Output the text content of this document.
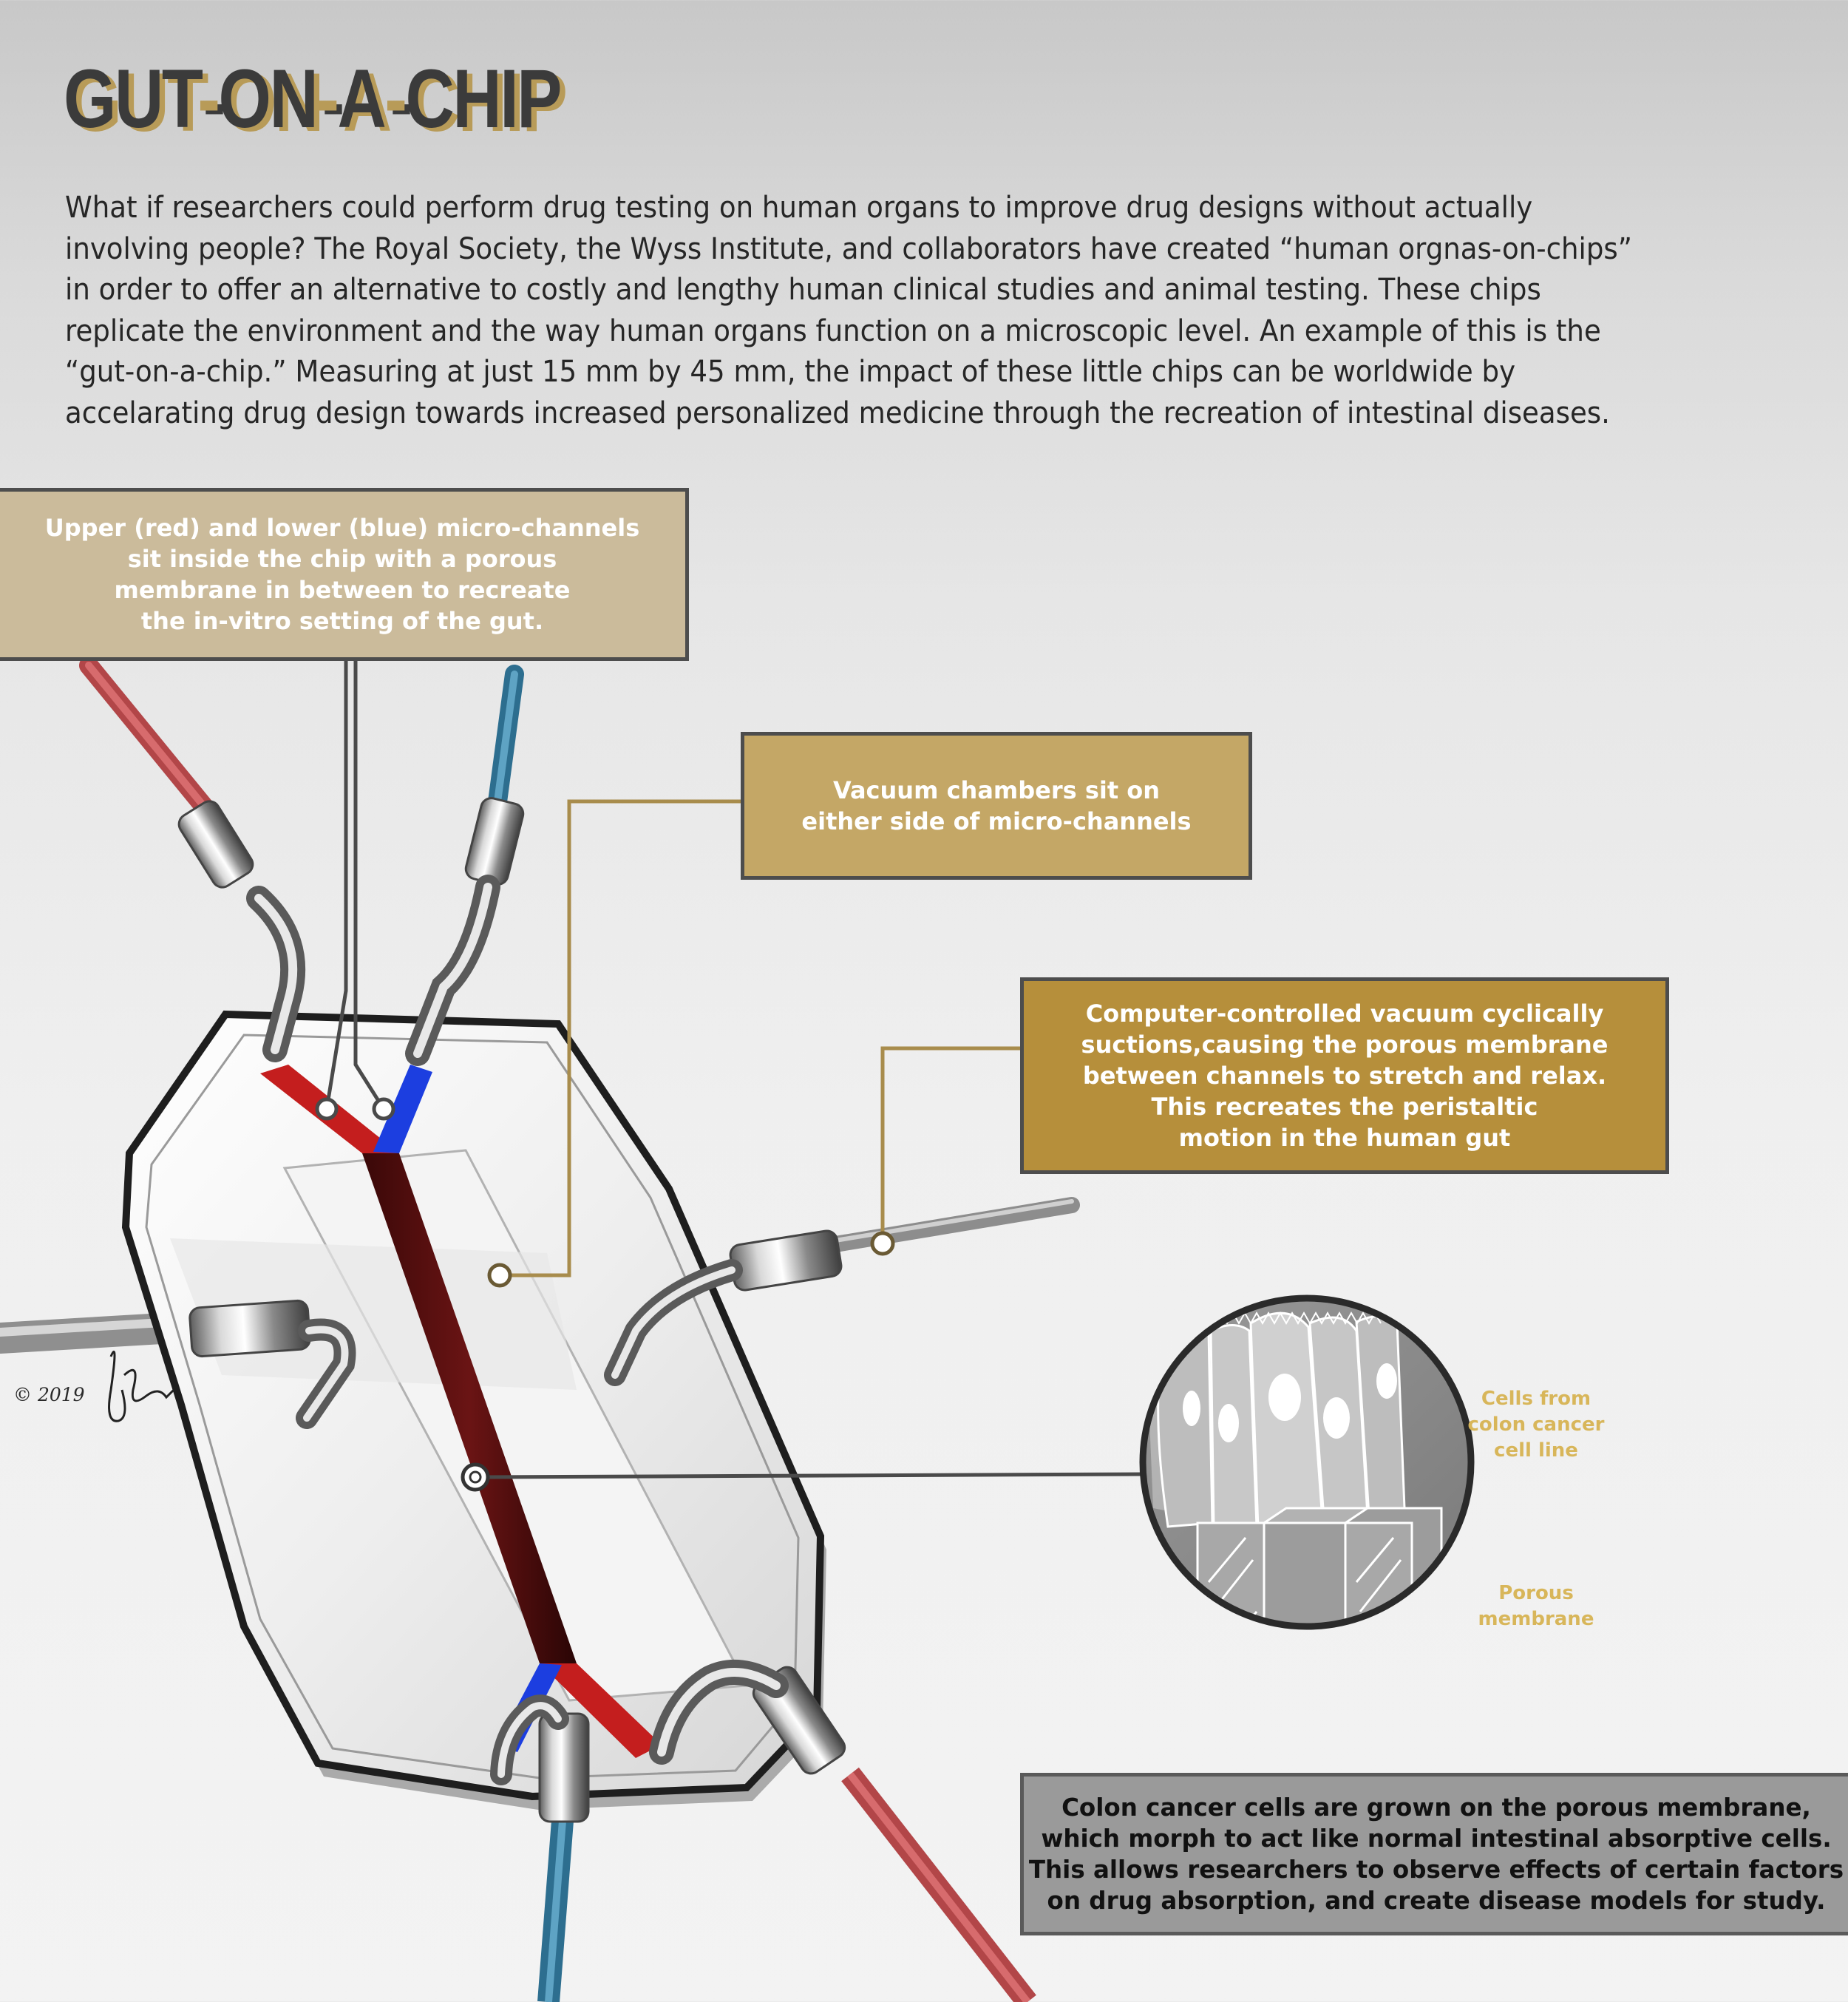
GUT-ON-A-CHIP

What if researchers could perform drug testing on human organs to improve drug designs without actually
involving people? The Royal Society, the Wyss Institute, and collaborators have created “human orgnas-on-chips”
in order to offer an alternative to costly and lengthy human clinical studies and animal testing. These chips
replicate the environment and the way human organs function on a microscopic level. An example of this is the
“gut-on-a-chip.” Measuring at just 15 mm by 45 mm, the impact of these little chips can be worldwide by
accelarating drug design towards increased personalized medicine through the recreation of intestinal diseases.

Upper (red) and lower (blue) micro-channels
sit inside the chip with a porous
membrane in between to recreate
the in-vitro setting of the gut.
Vacuum chambers sit on
either side of micro-channels
Computer-controlled vacuum cyclically
suctions,causing the porous membrane
between channels to stretch and relax.
This recreates the peristaltic
motion in the human gut
Colon cancer cells are grown on the porous membrane,
which morph to act like normal intestinal absorptive cells.
This allows researchers to observe effects of certain factors
on drug absorption, and create disease models for study.
Cells from
colon cancer
cell line
Porous
membrane
© 2019
